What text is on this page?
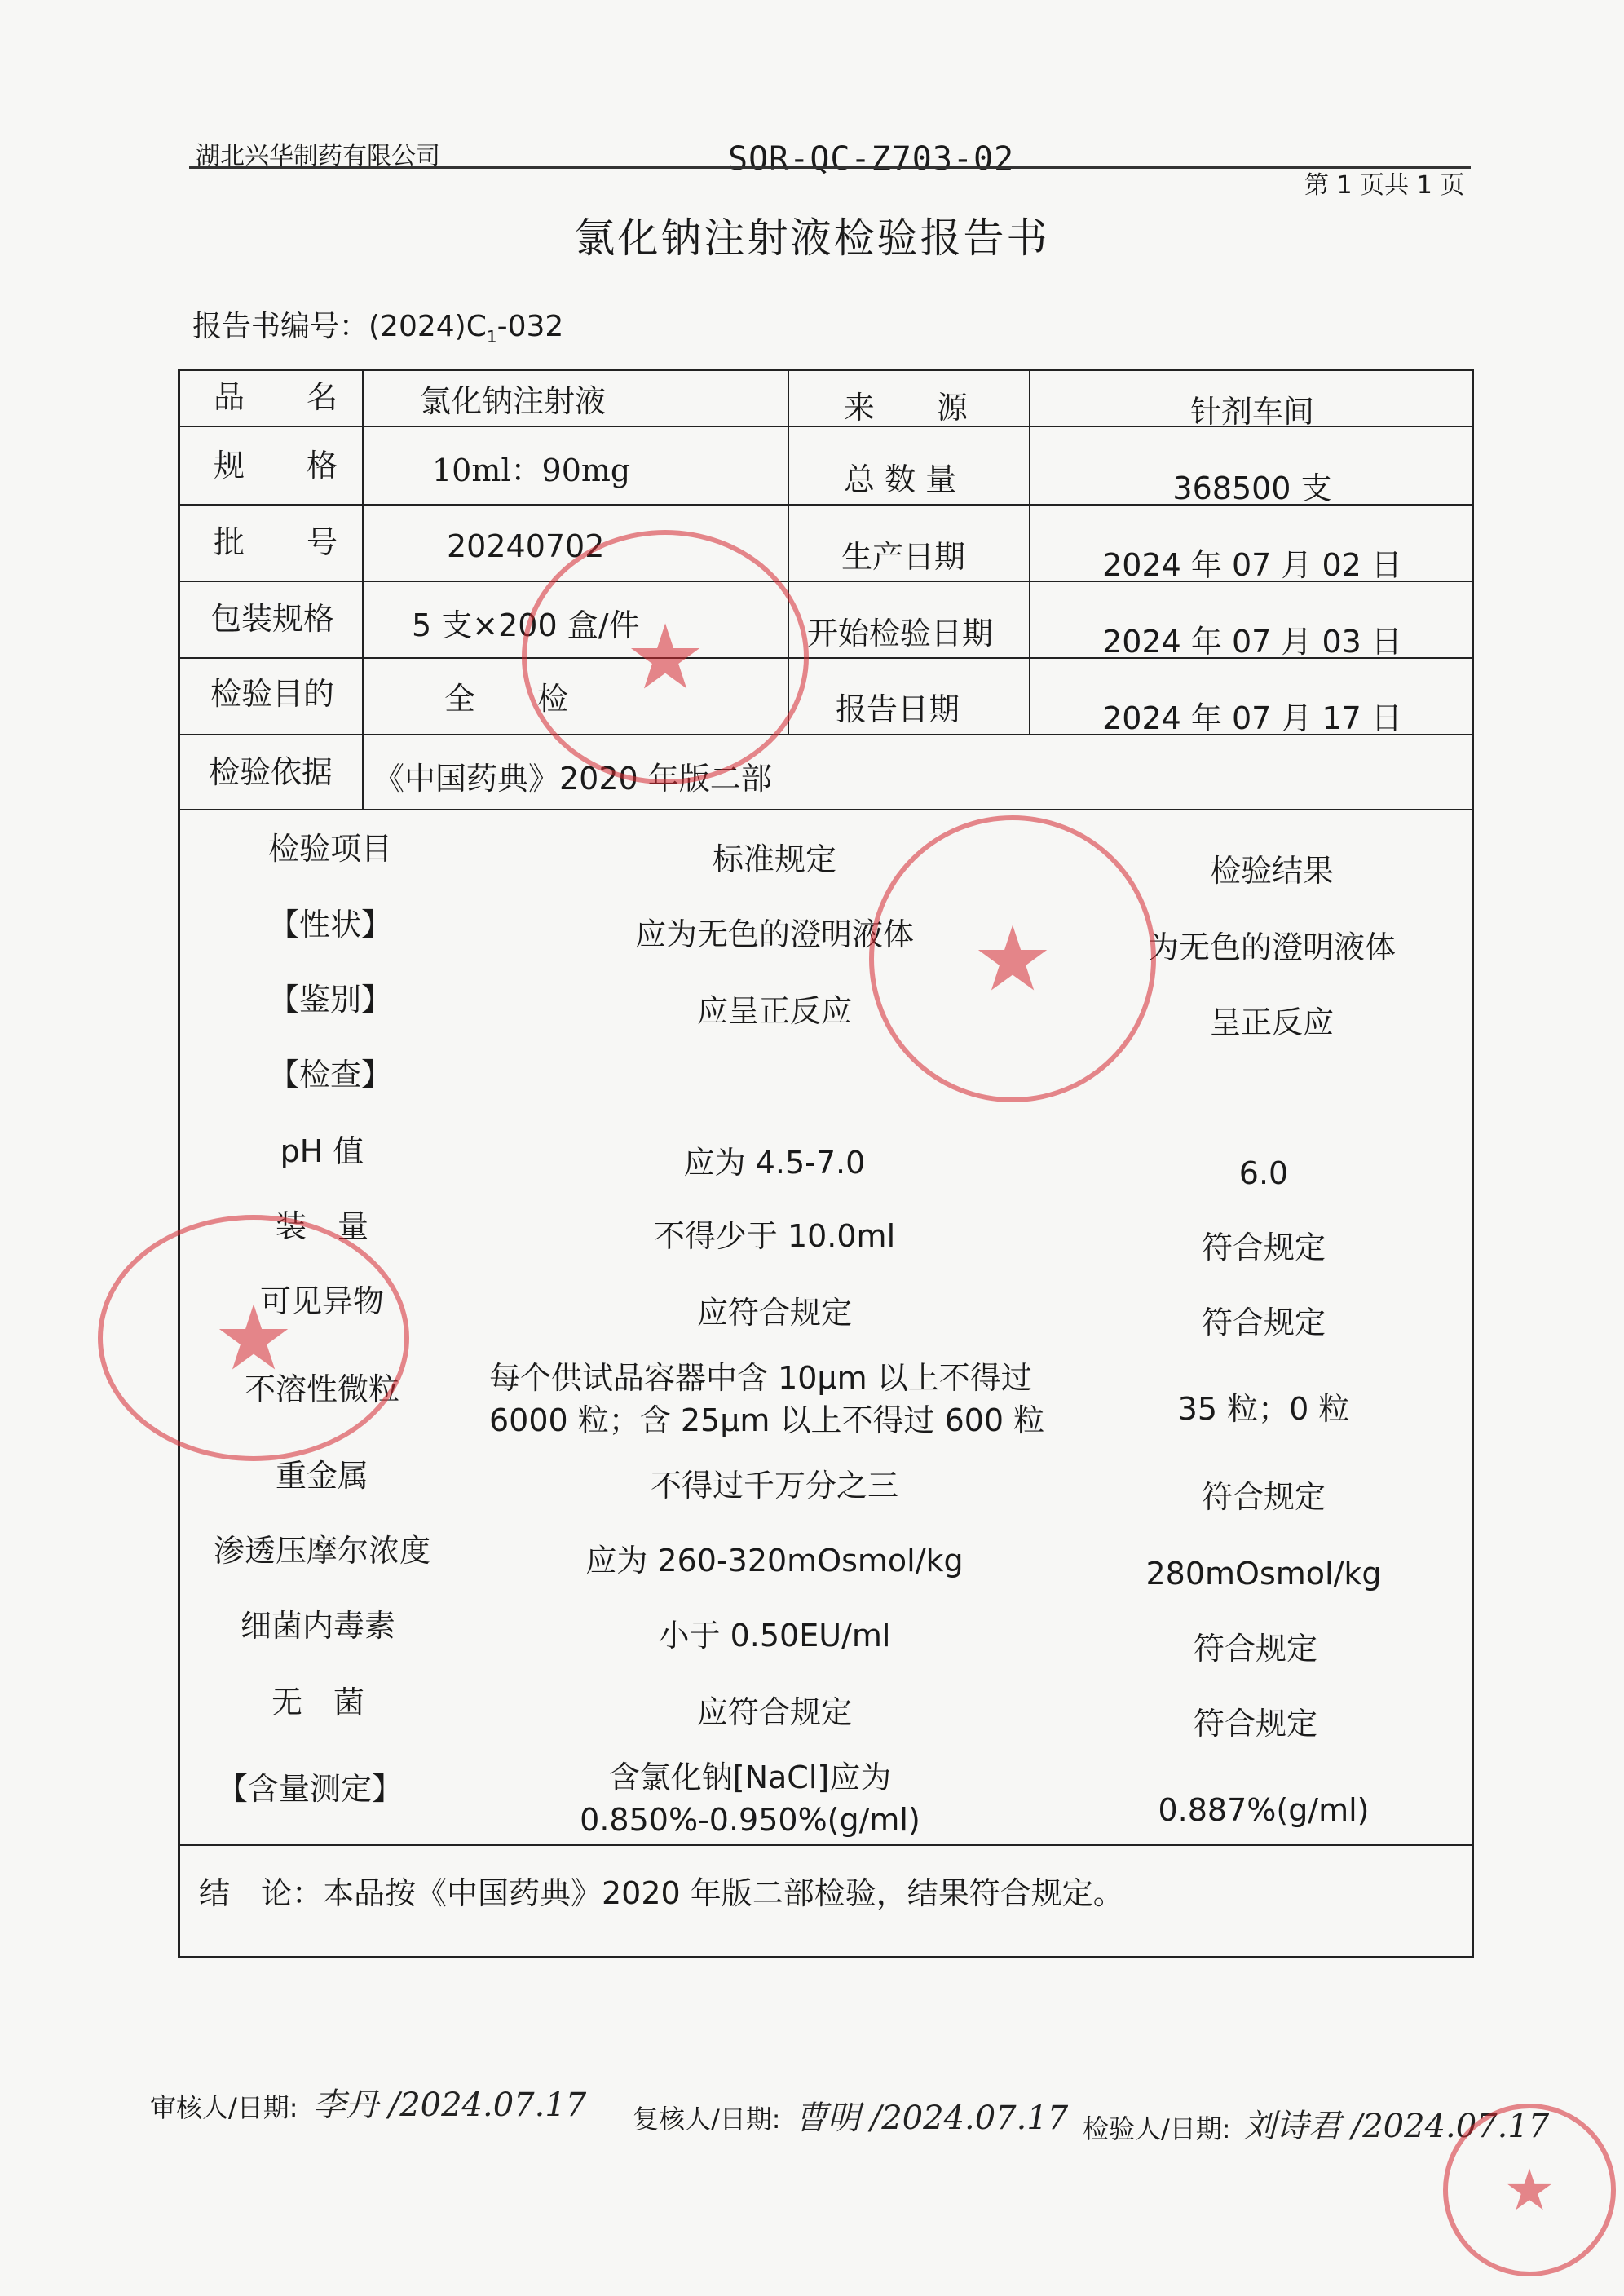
湖北兴华制药有限公司	SOR-QC-Z703-02
第 1 页共 1 页
氯化钠注射液检验报告书
报告书编号：$(2024)C_1-032$
品　　名	氯化钠注射液	来　　源	针剂车间
规　　格	10ml：90mg	总 数 量	368500 支
批　　号	20240702	生产日期	2024 年 07 月 02 日
包装规格 5 支×200 盒/件	开始检验日期	2024 年 07 月 03 日
检验目的	全　　检	报告日期	2024 年 07 月 17 日
检验依据 《中国药典》2020 年版二部
检验项目	标准规定	检验结果
【性状】	应为无色的澄明液体	为无色的澄明液体
【鉴别】	应呈正反应	呈正反应
【检查】
pH 值	应为 4.5-7.0	6.0
装　量	不得少于 10.0ml	符合规定
可见异物	应符合规定	符合规定
不溶性微粒	每个供试品容器中含 10μm 以上不得过
6000 粒；含 25μm 以上不得过 600 粒	35 粒；0 粒
重金属	不得过千万分之三	符合规定
渗透压摩尔浓度	应为 260-320mOsmol/kg	280mOsmol/kg
细菌内毒素	小于 0.50EU/ml	符合规定
无　菌	应符合规定	符合规定
【含量测定】	含氯化钠[NaCl]应为
0.850%-0.950%(g/ml)	0.887%(g/ml)
结　论：本品按《中国药典》2020 年版二部检验，结果符合规定。
审核人/日期: 李丹 /2024.07.17 复核人/日期: 曹明 /2024.07.17 检验人/日期: 刘诗君 /2024.07.17
★
★
★
★
